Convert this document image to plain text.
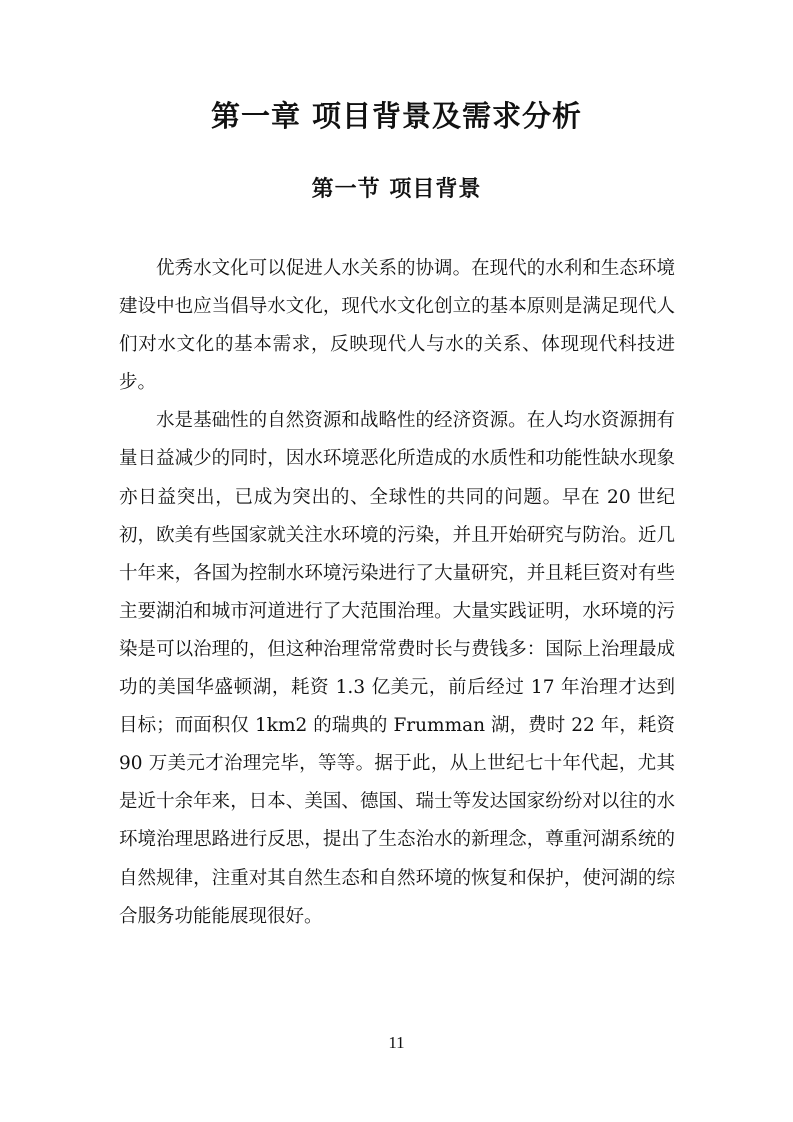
第一章 项目背景及需求分析
第一节 项目背景

优秀水文化可以促进人水关系的协调。在现代的水利和生态环境建设中也应当倡导水文化，现代水文化创立的基本原则是满足现代人们对水文化的基本需求，反映现代人与水的关系、体现现代科技进步。

水是基础性的自然资源和战略性的经济资源。在人均水资源拥有量日益减少的同时，因水环境恶化所造成的水质性和功能性缺水现象亦日益突出，已成为突出的、全球性的共同的问题。早在 20 世纪初，欧美有些国家就关注水环境的污染，并且开始研究与防治。近几十年来，各国为控制水环境污染进行了大量研究，并且耗巨资对有些主要湖泊和城市河道进行了大范围治理。大量实践证明，水环境的污染是可以治理的，但这种治理常常费时长与费钱多：国际上治理最成功的美国华盛顿湖，耗资 1.3 亿美元，前后经过 17 年治理才达到目标；而面积仅 1km2 的瑞典的 Frumman 湖，费时 22 年，耗资 90 万美元才治理完毕，等等。据于此，从上世纪七十年代起，尤其是近十余年来，日本、美国、德国、瑞士等发达国家纷纷对以往的水环境治理思路进行反思，提出了生态治水的新理念，尊重河湖系统的自然规律，注重对其自然生态和自然环境的恢复和保护，使河湖的综合服务功能能展现很好。

11
